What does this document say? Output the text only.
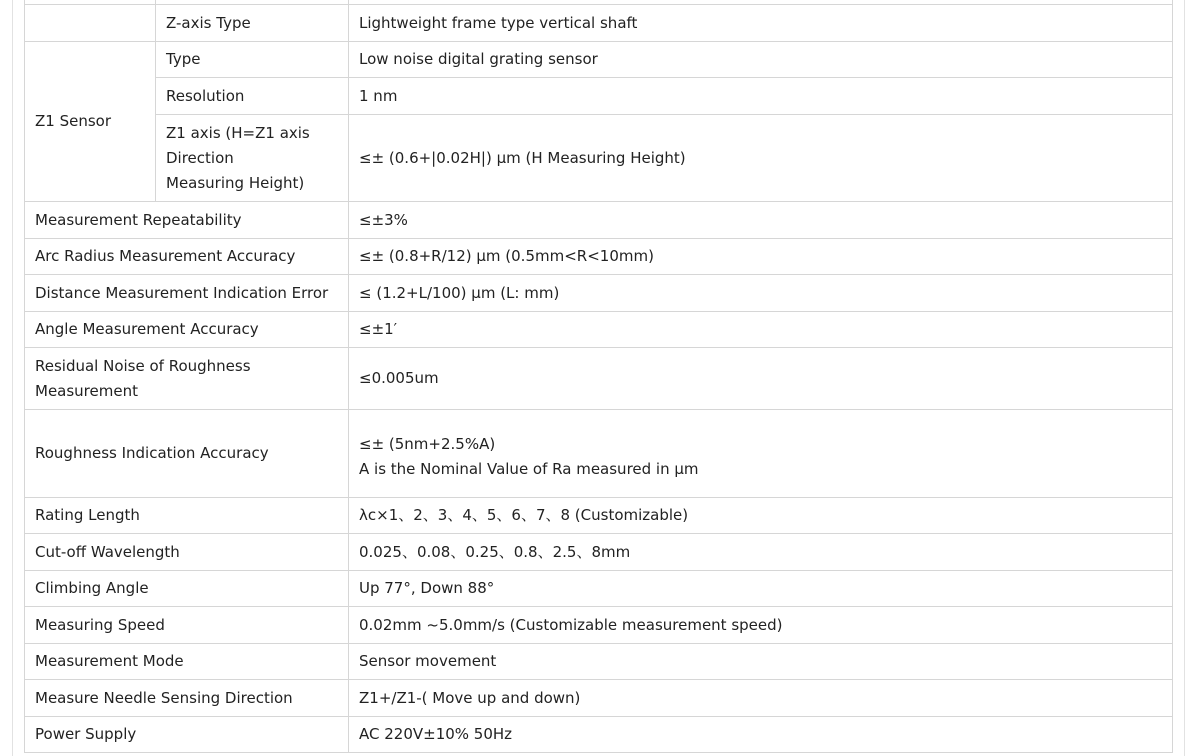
	Z-axis Type	Lightweight frame type vertical shaft
Z1 Sensor	Type	Low noise digital grating sensor
	Resolution	1 nm

	Z1 axis (H=Z1 axis
Direction
Measuring Height)	≤± (0.6+|0.02H|) μm (H Measuring Height)
Measurement Repeatability		≤±3%
Arc Radius Measurement Accuracy		≤± (0.8+R/12) μm (0.5mm<R<10mm)
Distance Measurement Indication Error		≤ (1.2+L/100) μm (L: mm)
Angle Measurement Accuracy		≤±1′

Residual Noise of Roughness
Measurement		≤0.005um
Roughness Indication Accuracy		≤± (5nm+2.5%A)
A is the Nominal Value of Ra measured in μm

Rating Length		λc×1、2、3、4、5、6、7、8 (Customizable)
Cut-off Wavelength		0.025、0.08、0.25、0.8、2.5、8mm
Climbing Angle		Up 77°, Down 88°
Measuring Speed		0.02mm ~5.0mm/s (Customizable measurement speed)
Measurement Mode		Sensor movement
Measure Needle Sensing Direction		Z1+/Z1-( Move up and down)
Power Supply		AC 220V±10% 50Hz
